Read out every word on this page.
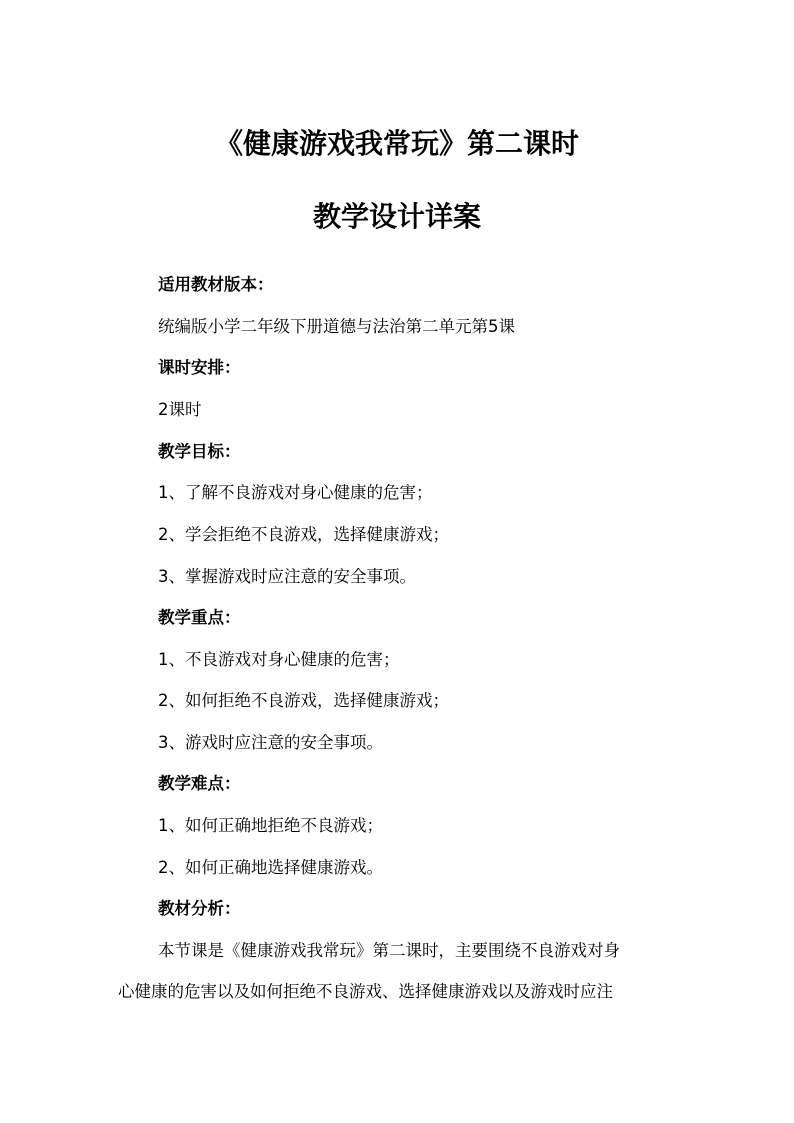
《健康游戏我常玩》第二课时
教学设计详案
适用教材版本：
统编版小学二年级下册道德与法治第二单元第5课
课时安排：
2课时
教学目标：
1、了解不良游戏对身心健康的危害；
2、学会拒绝不良游戏，选择健康游戏；
3、掌握游戏时应注意的安全事项。
教学重点：
1、不良游戏对身心健康的危害；
2、如何拒绝不良游戏，选择健康游戏；
3、游戏时应注意的安全事项。
教学难点：
1、如何正确地拒绝不良游戏；
2、如何正确地选择健康游戏。
教材分析：
本节课是《健康游戏我常玩》第二课时，主要围绕不良游戏对身
心健康的危害以及如何拒绝不良游戏、选择健康游戏以及游戏时应注
